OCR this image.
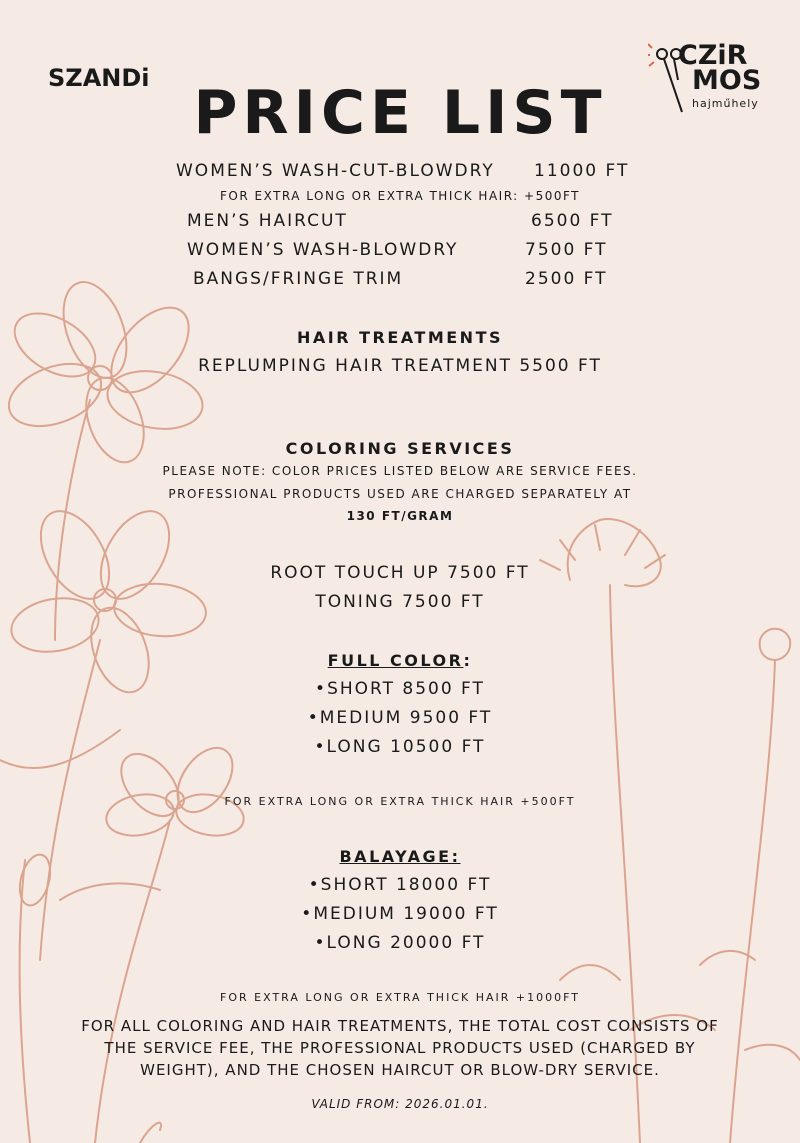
CZiR
MOS
hajműhely
SZANDi PRICE LIST
WOMEN’S WASH-CUT-BLOWDRY 11000 FT
FOR EXTRA LONG OR EXTRA THICK HAIR: +500FT
MEN’S HAIRCUT	6500 FT
WOMEN’S WASH-BLOWDRY	7500 FT
BANGS/FRINGE TRIM	2500 FT
HAIR TREATMENTS
REPLUMPING HAIR TREATMENT 5500 FT
COLORING SERVICES
PLEASE NOTE: COLOR PRICES LISTED BELOW ARE SERVICE FEES.
PROFESSIONAL PRODUCTS USED ARE CHARGED SEPARATELY AT
130 FT/GRAM
ROOT TOUCH UP 7500 FT
TONING 7500 FT
FULL COLOR:
•SHORT 8500 FT
•MEDIUM 9500 FT
•LONG 10500 FT
FOR EXTRA LONG OR EXTRA THICK HAIR +500FT
BALAYAGE:
•SHORT 18000 FT
•MEDIUM 19000 FT
•LONG 20000 FT
FOR EXTRA LONG OR EXTRA THICK HAIR +1000FT
FOR ALL COLORING AND HAIR TREATMENTS, THE TOTAL COST CONSISTS OF THE SERVICE FEE, THE PROFESSIONAL PRODUCTS USED (CHARGED BY WEIGHT), AND THE CHOSEN HAIRCUT OR BLOW-DRY SERVICE.
VALID FROM: 2026.01.01.
